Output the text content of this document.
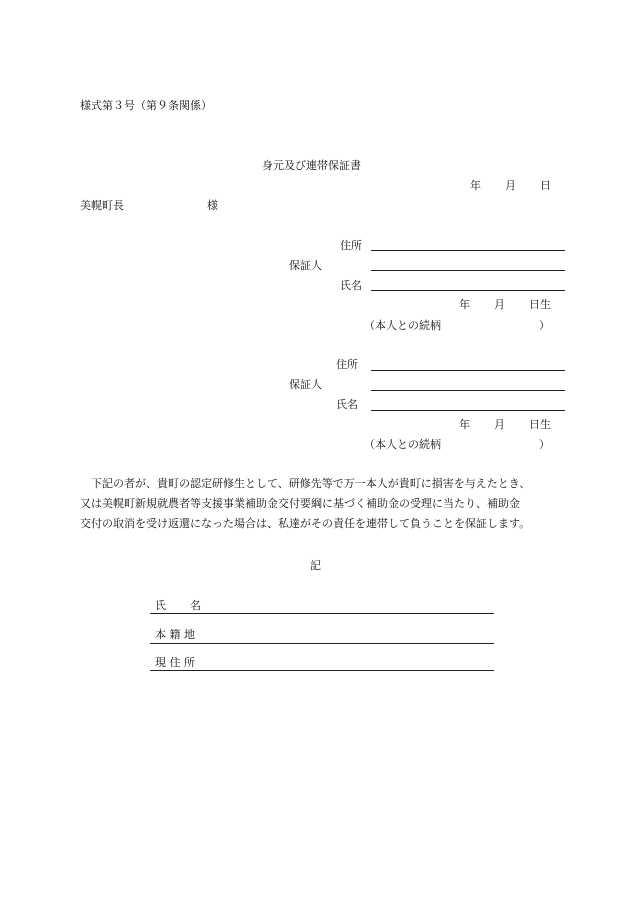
様式第３号（第９条関係）
身元及び連帯保証書
年 月 日
美幌町長	様
住所
保証人
氏名
年 月 日生
（本人との続柄	）
住所
保証人
氏名
年 月 日生
（本人との続柄	）
下記の者が、貴町の認定研修生として、研修先等で万一本人が貴町に損害を与えたとき、
又は美幌町新規就農者等支援事業補助金交付要綱に基づく補助金の受理に当たり、補助金
交付の取消を受け返還になった場合は、私達がその責任を連帯して負うことを保証します。
記
氏 名
本 籍 地
現 住 所
